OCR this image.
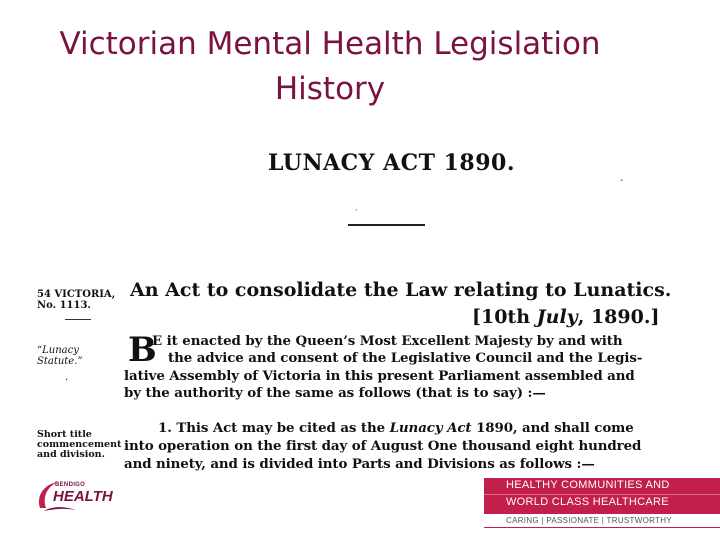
Victorian Mental Health Legislation
History
LUNACY ACT 1890.
-
·
54 VICTORIA, No. 1113.
“Lunacy Statute.”
·
Short title commencement and division.
An Act to consolidate the Law relating to Lunatics.
[10th July, 1890.]
B
E it enacted by the Queen’s Most Excellent Majesty by and with
the advice and consent of the Legislative Council and the Legis-
lative Assembly of Victoria in this present Parliament assembled and
by the authority of the same as follows (that is to say) :—
1. This Act may be cited as the Lunacy Act 1890, and shall come
into operation on the first day of August One thousand eight hundred
and ninety, and is divided into Parts and Divisions as follows :—
BENDIGO
HEALTH
HEALTHY COMMUNITIES AND
WORLD CLASS HEALTHCARE
CARING | PASSIONATE | TRUSTWORTHY
